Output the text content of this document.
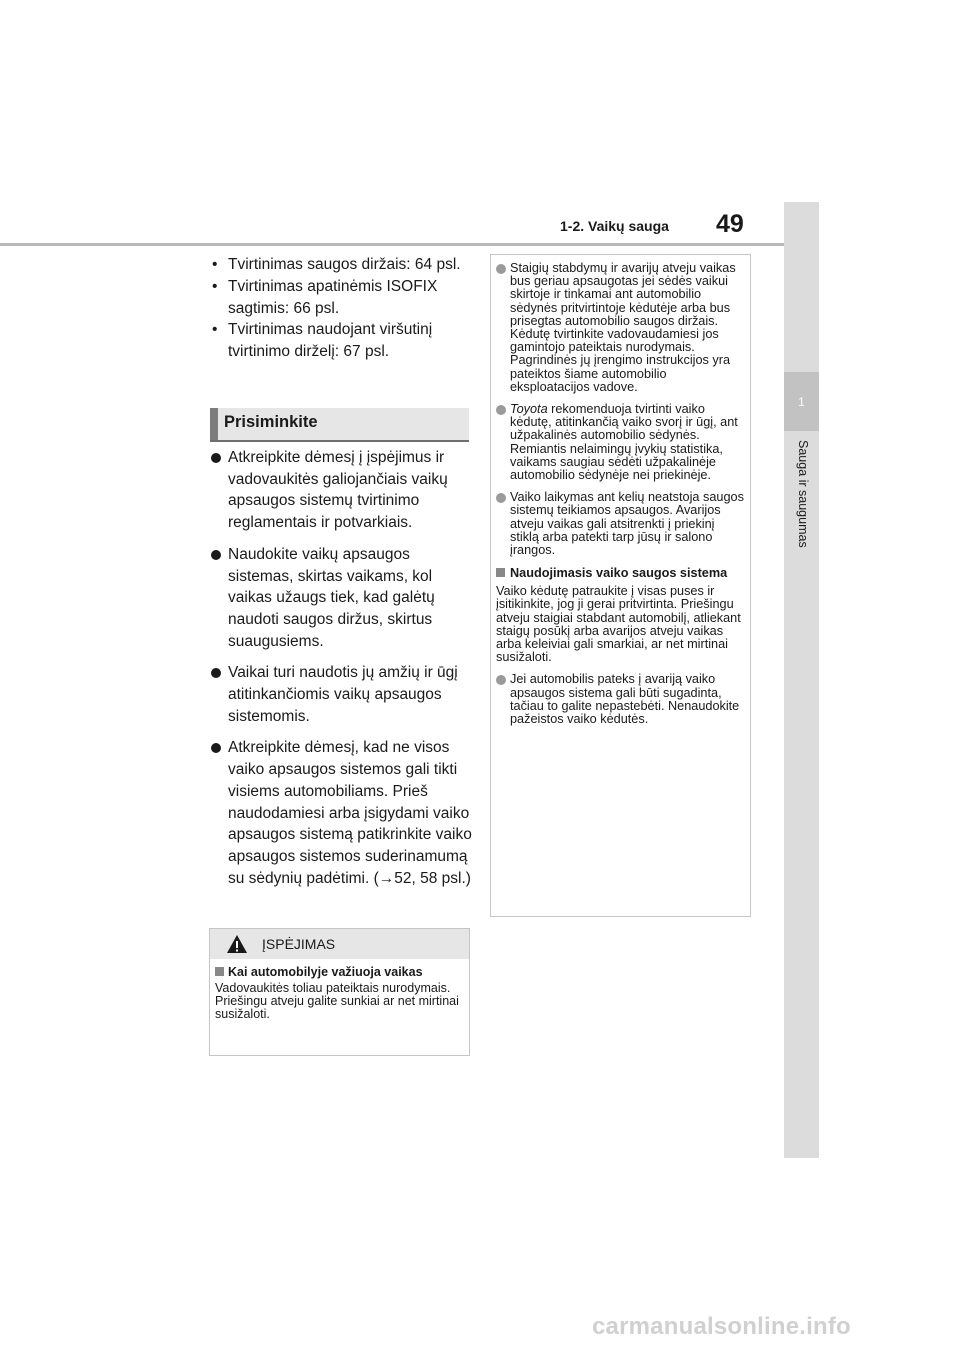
1-2. Vaikų sauga 49
1
Sauga ir saugumas
• Tvirtinimas saugos diržais: 64 psl.
• Tvirtinimas apatinėmis ISOFIX sagtimis: 66 psl.
• Tvirtinimas naudojant viršutinį tvirtinimo dirželį: 67 psl.
Prisiminkite
Atkreipkite dėmesį į įspėjimus ir vadovaukitės galiojančiais vaikų apsaugos sistemų tvirtinimo reglamentais ir potvarkiais.
Naudokite vaikų apsaugos sistemas, skirtas vaikams, kol vaikas užaugs tiek, kad galėtų naudoti saugos diržus, skirtus suaugusiems.
Vaikai turi naudotis jų amžių ir ūgį atitinkančiomis vaikų apsaugos sistemomis.
Atkreipkite dėmesį, kad ne visos vaiko apsaugos sistemos gali tikti visiems automobiliams. Prieš naudodamiesi arba įsigydami vaiko apsaugos sistemą patikrinkite vaiko apsaugos sistemos suderinamumą su sėdynių padėtimi. (→52, 58 psl.)
ĮSPĖJIMAS
Kai automobilyje važiuoja vaikas
Vadovaukitės toliau pateiktais nurodymais. Priešingu atveju galite sunkiai ar net mirtinai susižaloti.
Staigių stabdymų ir avarijų atveju vaikas bus geriau apsaugotas jei sėdės vaikui skirtoje ir tinkamai ant automobilio sėdynės pritvirtintoje kėdutėje arba bus prisegtas automobilio saugos diržais. Kėdutę tvirtinkite vadovaudamiesi jos gamintojo pateiktais nurodymais. Pagrindinės jų įrengimo instrukcijos yra pateiktos šiame automobilio eksploatacijos vadove.
Toyota rekomenduoja tvirtinti vaiko kėdutę, atitinkančią vaiko svorį ir ūgį, ant užpakalinės automobilio sėdynės. Remiantis nelaimingų įvykių statistika, vaikams saugiau sėdėti užpakalinėje automobilio sėdynėje nei priekinėje.
Vaiko laikymas ant kelių neatstoja saugos sistemų teikiamos apsaugos. Avarijos atveju vaikas gali atsitrenkti į priekinį stiklą arba patekti tarp jūsų ir salono įrangos.
Naudojimasis vaiko saugos sistema
Vaiko kėdutę patraukite į visas puses ir įsitikinkite, jog ji gerai pritvirtinta. Priešingu atveju staigiai stabdant automobilį, atliekant staigų posūkį arba avarijos atveju vaikas arba keleiviai gali smarkiai, ar net mirtinai susižaloti.
Jei automobilis pateks į avariją vaiko apsaugos sistema gali būti sugadinta, tačiau to galite nepastebėti. Nenaudokite pažeistos vaiko kėdutės.
carmanualsonline.info
